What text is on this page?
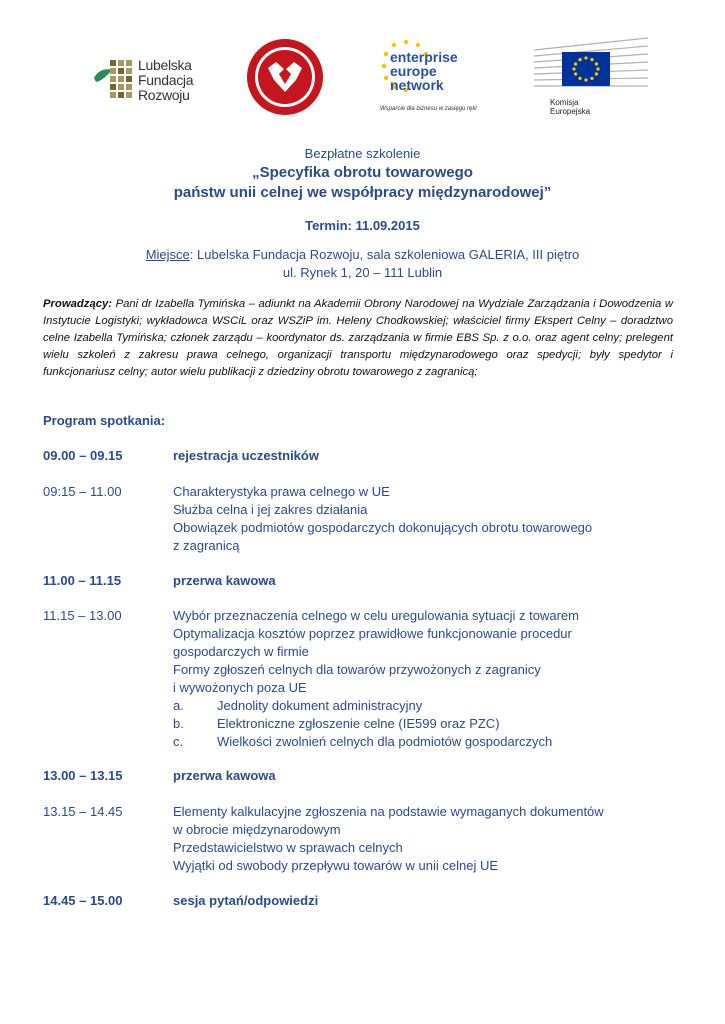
Lubelska
Fundacja
Rozwoju
enterprise
europe
network
Wsparcie dla biznesu w zasięgu ręki
Komisja
Europejska
Bezpłatne szkolenie
„Specyfika obrotu towarowego
państw unii celnej we współpracy międzynarodowej”
Termin: 11.09.2015
Miejsce: Lubelska Fundacja Rozwoju, sala szkoleniowa GALERIA, III piętro
ul. Rynek 1, 20 – 111 Lublin
Prowadzący: Pani dr Izabella Tymińska – adiunkt na Akademii Obrony Narodowej na Wydziale Zarządzania i Dowodzenia w Instytucie Logistyki; wykładowca WSCiL oraz WSZiP im. Heleny Chodkowskiej; właściciel firmy Ekspert Celny – doradztwo celne Izabella Tymińska; członek zarządu – koordynator ds. zarządzania w firmie EBS Sp. z o.o. oraz agent celny; prelegent wielu szkoleń z zakresu prawa celnego, organizacji transportu międzynarodowego oraz spedycji; były spedytor i funkcjonariusz celny; autor wielu publikacji z dziedziny obrotu towarowego z zagranicą;
Program spotkania:
09.00 – 09.15	rejestracja uczestników
09:15 – 11.00	Charakterystyka prawa celnego w UE
Służba celna i jej zakres działania
Obowiązek podmiotów gospodarczych dokonujących obrotu towarowego
z zagranicą
11.00 – 11.15	przerwa kawowa
11.15 – 13.00	Wybór przeznaczenia celnego w celu uregulowania sytuacji z towarem
Optymalizacja kosztów poprzez prawidłowe funkcjonowanie procedur
gospodarczych w firmie
Formy zgłoszeń celnych dla towarów przywożonych z zagranicy
i wywożonych poza UE
a.	Jednolity dokument administracyjny
b.	Elektroniczne zgłoszenie celne (IE599 oraz PZC)
c.	Wielkości zwolnień celnych dla podmiotów gospodarczych
13.00 – 13.15	przerwa kawowa
13.15 – 14.45	Elementy kalkulacyjne zgłoszenia na podstawie wymaganych dokumentów
w obrocie międzynarodowym
Przedstawicielstwo w sprawach celnych
Wyjątki od swobody przepływu towarów w unii celnej UE
14.45 – 15.00	sesja pytań/odpowiedzi
